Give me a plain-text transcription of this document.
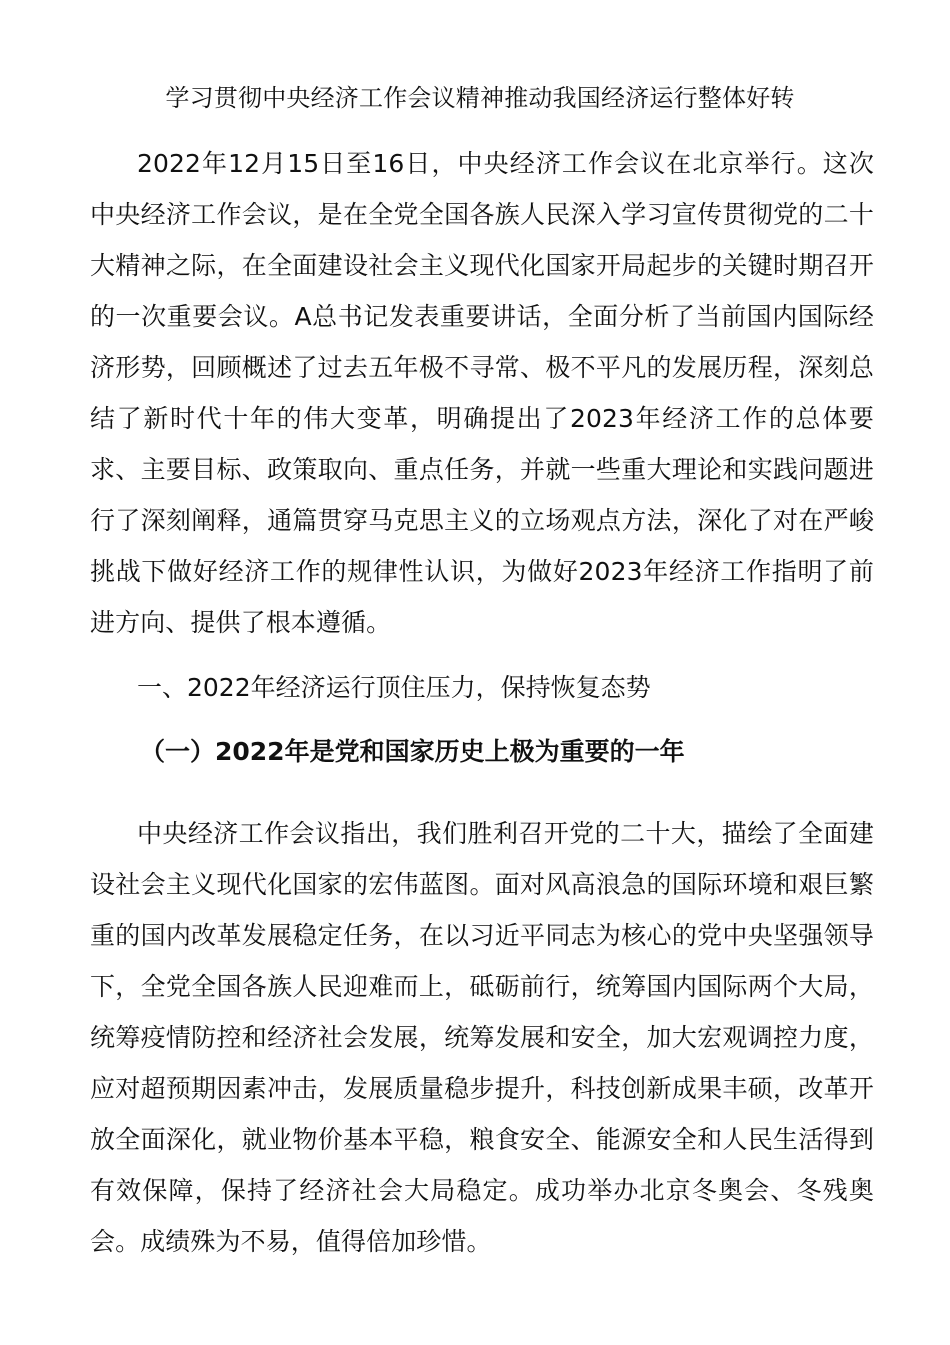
学习贯彻中央经济工作会议精神推动我国经济运行整体好转

2022年12月15日至16日，中央经济工作会议在北京举行。这次中央经济工作会议，是在全党全国各族人民深入学习宣传贯彻党的二十大精神之际，在全面建设社会主义现代化国家开局起步的关键时期召开的一次重要会议。A总书记发表重要讲话，全面分析了当前国内国际经济形势，回顾概述了过去五年极不寻常、极不平凡的发展历程，深刻总结了新时代十年的伟大变革，明确提出了2023年经济工作的总体要求、主要目标、政策取向、重点任务，并就一些重大理论和实践问题进行了深刻阐释，通篇贯穿马克思主义的立场观点方法，深化了对在严峻挑战下做好经济工作的规律性认识，为做好2023年经济工作指明了前进方向、提供了根本遵循。

一、2022年经济运行顶住压力，保持恢复态势
（一）2022年是党和国家历史上极为重要的一年

中央经济工作会议指出，我们胜利召开党的二十大，描绘了全面建设社会主义现代化国家的宏伟蓝图。面对风高浪急的国际环境和艰巨繁重的国内改革发展稳定任务，在以习近平同志为核心的党中央坚强领导下，全党全国各族人民迎难而上，砥砺前行，统筹国内国际两个大局，统筹疫情防控和经济社会发展，统筹发展和安全，加大宏观调控力度，应对超预期因素冲击，发展质量稳步提升，科技创新成果丰硕，改革开放全面深化，就业物价基本平稳，粮食安全、能源安全和人民生活得到有效保障，保持了经济社会大局稳定。成功举办北京冬奥会、冬残奥会。成绩殊为不易，值得倍加珍惜。
